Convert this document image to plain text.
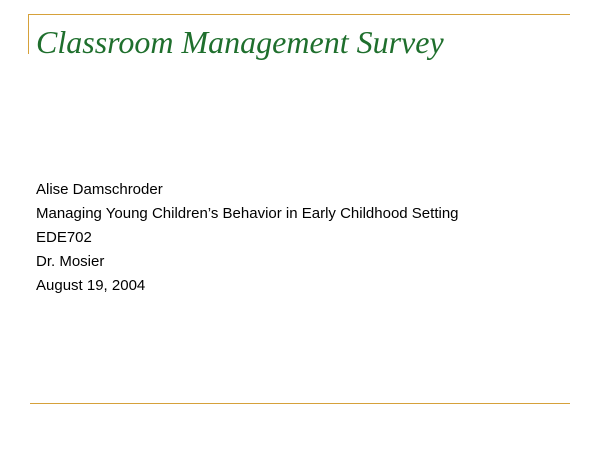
Classroom Management Survey
Alise Damschroder
Managing Young Children’s Behavior in Early Childhood Setting
EDE702
Dr. Mosier
August 19, 2004
